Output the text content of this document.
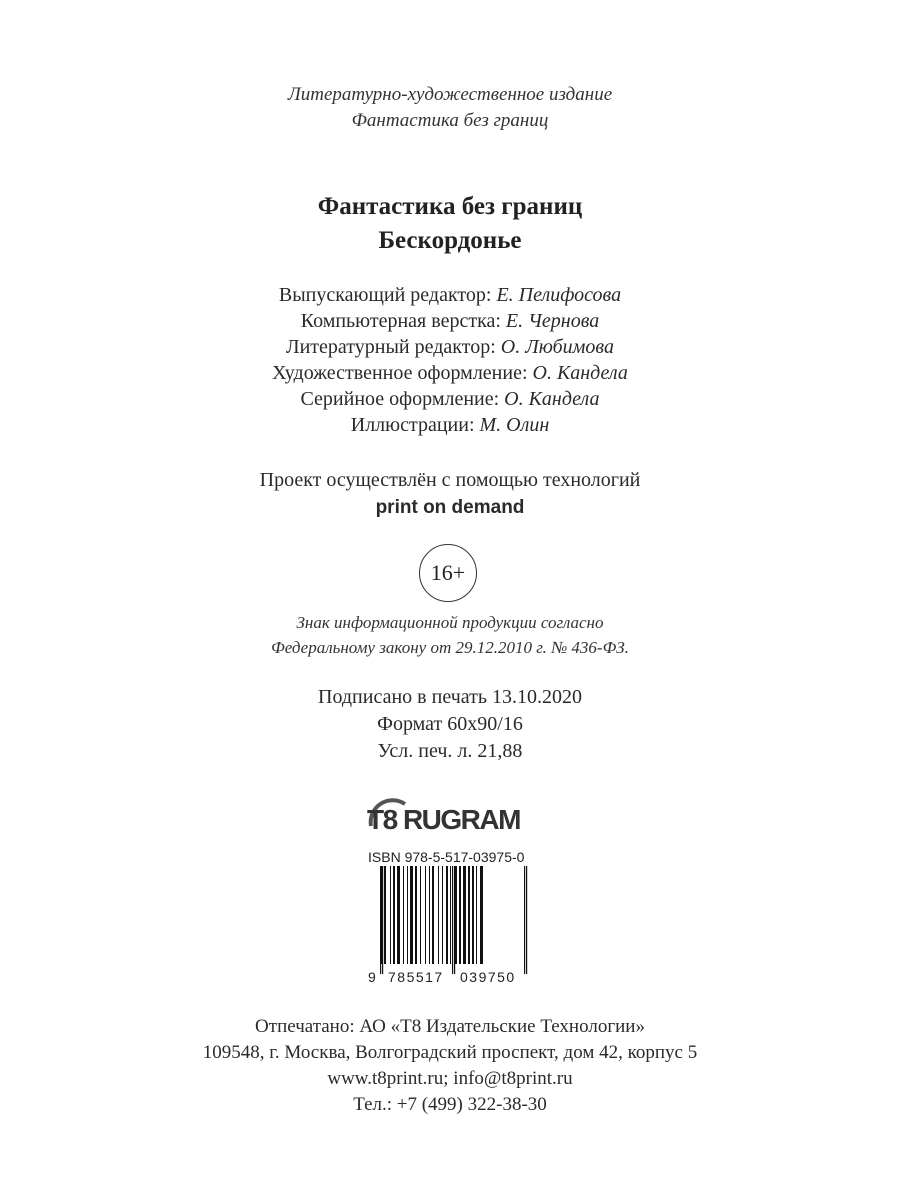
Литературно-художественное издание
Фантастика без границ
Фантастика без границ
Бескордонье
Выпускающий редактор: Е. Пелифосова
Компьютерная верстка: Е. Чернова
Литературный редактор: О. Любимова
Художественное оформление: О. Кандела
Серийное оформление: О. Кандела
Иллюстрации: М. Олин
Проект осуществлён с помощью технологий
print on demand
16+
Знак информационной продукции согласно
Федеральному закону от 29.12.2010 г. № 436-ФЗ.
Подписано в печать 13.10.2020
Формат 60х90/16
Усл. печ. л. 21,88
T8 RUGRAM
ISBN 978-5-517-03975-0
9 785517 039750
Отпечатано: АО «Т8 Издательские Технологии»
109548, г. Москва, Волгоградский проспект, дом 42, корпус 5
www.t8print.ru; info@t8print.ru
Тел.: +7 (499) 322-38-30
